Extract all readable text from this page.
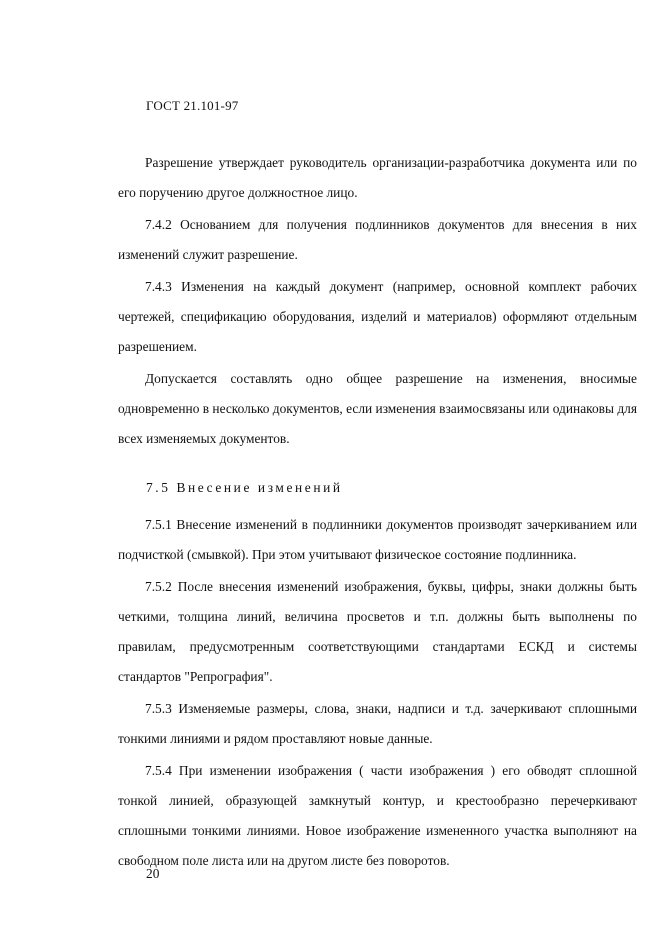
ГОСТ 21.101-97

Разрешение утверждает руководитель организации-разработчика документа или по его поручению другое должностное лицо.

7.4.2 Основанием для получения подлинников документов для внесения в них изменений служит разрешение.

7.4.3 Изменения на каждый документ (например, основной комплект рабочих чертежей, спецификацию оборудования, изделий и материалов) оформляют отдельным разрешением.

Допускается составлять одно общее разрешение на изменения, вносимые одновременно в несколько документов, если изменения взаимосвязаны или одинаковы для всех изменяемых документов.

7.5 Внесение изменений

7.5.1 Внесение изменений в подлинники документов производят зачеркиванием или подчисткой (смывкой). При этом учитывают физическое состояние подлинника.

7.5.2 После внесения изменений изображения, буквы, цифры, знаки должны быть четкими, толщина линий, величина просветов и т.п. должны быть выполнены по правилам, предусмотренным соответствующими стандартами ЕСКД и системы стандартов "Репрография".

7.5.3 Изменяемые размеры, слова, знаки, надписи и т.д. зачеркивают сплошными тонкими линиями и рядом проставляют новые данные.

7.5.4 При изменении изображения ( части изображения ) его обводят сплошной тонкой линией, образующей замкнутый контур, и крестообразно перечеркивают сплошными тонкими линиями. Новое изображение измененного участка выполняют на свободном поле листа или на другом листе без поворотов.

20
